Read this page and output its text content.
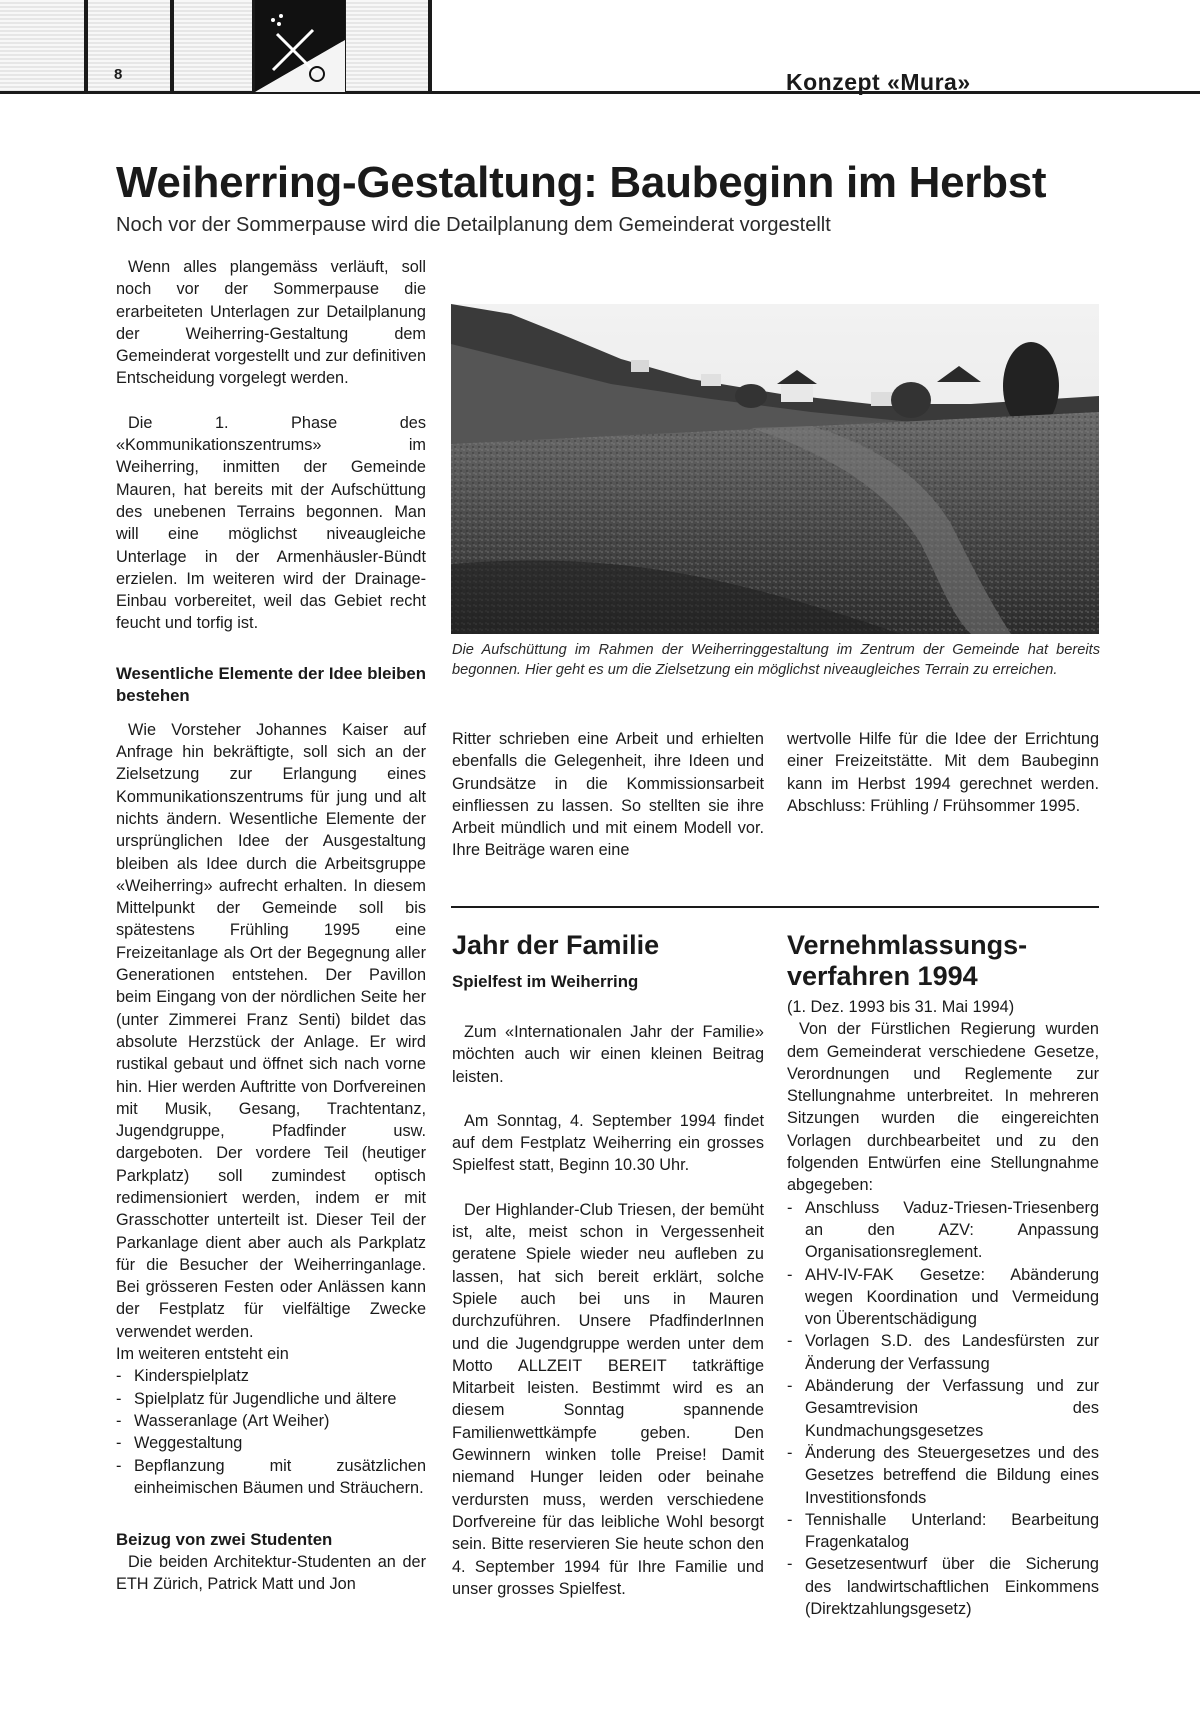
8	Konzept «Mura»
Weiherring-Gestaltung: Baubeginn im Herbst
Noch vor der Sommerpause wird die Detailplanung dem Gemeinderat vorgestellt

Wenn alles plangemäss verläuft, soll noch vor der Sommerpause die erarbeiteten Unterlagen zur Detailplanung der Weiherring-Gestaltung dem Gemeinderat vorgestellt und zur definitiven Entscheidung vorgelegt werden.

Die 1. Phase des «Kommunikationszentrums» im Weiherring, inmitten der Gemeinde Mauren, hat bereits mit der Aufschüttung des unebenen Terrains begonnen. Man will eine möglichst niveaugleiche Unterlage in der Armenhäusler-Bündt erzielen. Im weiteren wird der Drainage-Einbau vorbereitet, weil das Gebiet recht feucht und torfig ist.

Wesentliche Elemente der Idee bleiben bestehen

Wie Vorsteher Johannes Kaiser auf Anfrage hin bekräftigte, soll sich an der Zielsetzung zur Erlangung eines Kommunikationszentrums für jung und alt nichts ändern. Wesentliche Elemente der ursprünglichen Idee der Ausgestaltung bleiben als Idee durch die Arbeitsgruppe «Weiherring» aufrecht erhalten. In diesem Mittelpunkt der Gemeinde soll bis spätestens Frühling 1995 eine Freizeitanlage als Ort der Begegnung aller Generationen entstehen. Der Pavillon beim Eingang von der nördlichen Seite her (unter Zimmerei Franz Senti) bildet das absolute Herzstück der Anlage. Er wird rustikal gebaut und öffnet sich nach vorne hin. Hier werden Auftritte von Dorfvereinen mit Musik, Gesang, Trachtentanz, Jugendgruppe, Pfadfinder usw. dargeboten. Der vordere Teil (heutiger Parkplatz) soll zumindest optisch redimensioniert werden, indem er mit Grasschotter unterteilt ist. Dieser Teil der Parkanlage dient aber auch als Parkplatz für die Besucher der Weiherringanlage. Bei grösseren Festen oder Anlässen kann der Festplatz für vielfältige Zwecke verwendet werden.

Im weiteren entsteht ein

- Kinderspielplatz
- Spielplatz für Jugendliche und ältere
- Wasseranlage (Art Weiher)
- Weggestaltung
- Bepflanzung mit zusätzlichen einheimischen Bäumen und Sträuchern.

Beizug von zwei Studenten

Die beiden Architektur-Studenten an der ETH Zürich, Patrick Matt und Jon

Die Aufschüttung im Rahmen der Weiherringgestaltung im Zentrum der Gemeinde hat bereits begonnen. Hier geht es um die Zielsetzung ein möglichst niveaugleiches Terrain zu erreichen.

Ritter schrieben eine Arbeit und erhielten ebenfalls die Gelegenheit, ihre Ideen und Grundsätze in die Kommissionsarbeit einfliessen zu lassen. So stellten sie ihre Arbeit mündlich und mit einem Modell vor. Ihre Beiträge waren eine

wertvolle Hilfe für die Idee der Errichtung einer Freizeitstätte. Mit dem Baubeginn kann im Herbst 1994 gerechnet werden. Abschluss: Frühling / Frühsommer 1995.

Jahr der Familie

Spielfest im Weiherring

Zum «Internationalen Jahr der Familie» möchten auch wir einen kleinen Beitrag leisten.

Am Sonntag, 4. September 1994 findet auf dem Festplatz Weiherring ein grosses Spielfest statt, Beginn 10.30 Uhr.

Der Highlander-Club Triesen, der bemüht ist, alte, meist schon in Vergessenheit geratene Spiele wieder neu aufleben zu lassen, hat sich bereit erklärt, solche Spiele auch bei uns in Mauren durchzuführen. Unsere PfadfinderInnen und die Jugendgruppe werden unter dem Motto ALLZEIT BEREIT tatkräftige Mitarbeit leisten. Bestimmt wird es an diesem Sonntag spannende Familienwettkämpfe geben. Den Gewinnern winken tolle Preise! Damit niemand Hunger leiden oder beinahe verdursten muss, werden verschiedene Dorfvereine für das leibliche Wohl besorgt sein. Bitte reservieren Sie heute schon den 4. September 1994 für Ihre Familie und unser grosses Spielfest.

Vernehmlassungs-

verfahren 1994

(1. Dez. 1993 bis 31. Mai 1994)

Von der Fürstlichen Regierung wurden dem Gemeinderat verschiedene Gesetze, Verordnungen und Reglemente zur Stellungnahme unterbreitet. In mehreren Sitzungen wurden die eingereichten Vorlagen durchbearbeitet und zu den folgenden Entwürfen eine Stellungnahme abgegeben:

- Anschluss Vaduz-Triesen-Triesenberg an den AZV: Anpassung Organisationsreglement.
- AHV-IV-FAK Gesetze: Abänderung wegen Koordination und Vermeidung von Überentschädigung
- Vorlagen S.D. des Landesfürsten zur Änderung der Verfassung
- Abänderung der Verfassung und zur Gesamtrevision des Kundmachungsgesetzes
- Änderung des Steuergesetzes und des Gesetzes betreffend die Bildung eines Investitionsfonds
- Tennishalle Unterland: Bearbeitung Fragenkatalog
- Gesetzesentwurf über die Sicherung des landwirtschaftlichen Einkommens (Direktzahlungsgesetz)
